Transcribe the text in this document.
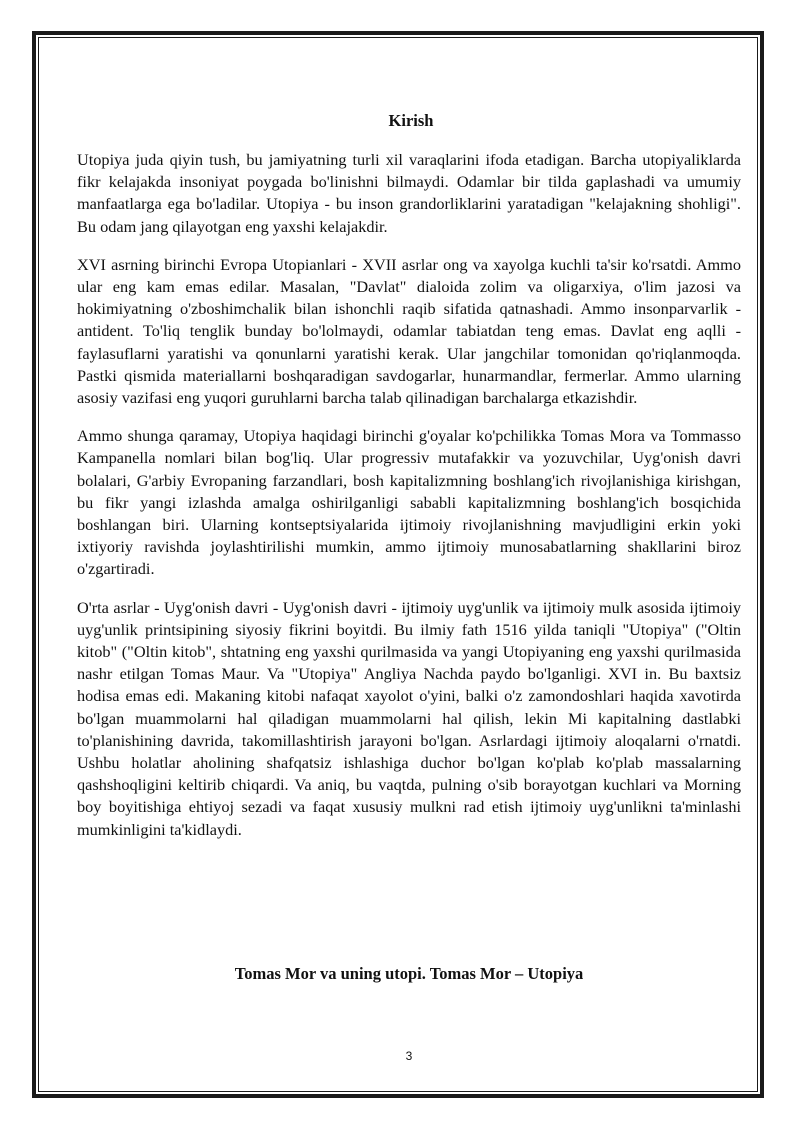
Kirish

Utopiya juda qiyin tush, bu jamiyatning turli xil varaqlarini ifoda etadigan. Barcha utopiyaliklarda fikr kelajakda insoniyat poygada bo'linishni bilmaydi. Odamlar bir tilda gaplashadi va umumiy manfaatlarga ega bo'ladilar. Utopiya - bu inson grandorliklarini yaratadigan "kelajakning shohligi". Bu odam jang qilayotgan eng yaxshi kelajakdir.

XVI asrning birinchi Evropa Utopianlari - XVII asrlar ong va xayolga kuchli ta'sir ko'rsatdi. Ammo ular eng kam emas edilar. Masalan, "Davlat" dialoida zolim va oligarxiya, o'lim jazosi va hokimiyatning o'zboshimchalik bilan ishonchli raqib sifatida qatnashadi. Ammo insonparvarlik - antident. To'liq tenglik bunday bo'lolmaydi, odamlar tabiatdan teng emas. Davlat eng aqlli - faylasuflarni yaratishi va qonunlarni yaratishi kerak. Ular jangchilar tomonidan qo'riqlanmoqda. Pastki qismida materiallarni boshqaradigan savdogarlar, hunarmandlar, fermerlar. Ammo ularning asosiy vazifasi eng yuqori guruhlarni barcha talab qilinadigan barchalarga etkazishdir.

Ammo shunga qaramay, Utopiya haqidagi birinchi g'oyalar ko'pchilikka Tomas Mora va Tommasso Kampanella nomlari bilan bog'liq. Ular progressiv mutafakkir va yozuvchilar, Uyg'onish davri bolalari, G'arbiy Evropaning farzandlari, bosh kapitalizmning boshlang'ich rivojlanishiga kirishgan, bu fikr yangi izlashda amalga oshirilganligi sababli kapitalizmning boshlang'ich bosqichida boshlangan biri. Ularning kontseptsiyalarida ijtimoiy rivojlanishning mavjudligini erkin yoki ixtiyoriy ravishda joylashtirilishi mumkin, ammo ijtimoiy munosabatlarning shakllarini biroz o'zgartiradi.

O'rta asrlar - Uyg'onish davri - Uyg'onish davri - ijtimoiy uyg'unlik va ijtimoiy mulk asosida ijtimoiy uyg'unlik printsipining siyosiy fikrini boyitdi. Bu ilmiy fath 1516 yilda taniqli "Utopiya" ("Oltin kitob" ("Oltin kitob", shtatning eng yaxshi qurilmasida va yangi Utopiyaning eng yaxshi qurilmasida nashr etilgan Tomas Maur. Va "Utopiya" Angliya Nachda paydo bo'lganligi. XVI in. Bu baxtsiz hodisa emas edi. Makaning kitobi nafaqat xayolot o'yini, balki o'z zamondoshlari haqida xavotirda bo'lgan muammolarni hal qiladigan muammolarni hal qilish, lekin Mi kapitalning dastlabki to'planishining davrida, takomillashtirish jarayoni bo'lgan. Asrlardagi ijtimoiy aloqalarni o'rnatdi. Ushbu holatlar aholining shafqatsiz ishlashiga duchor bo'lgan ko'plab ko'plab massalarning qashshoqligini keltirib chiqardi. Va aniq, bu vaqtda, pulning o'sib borayotgan kuchlari va Morning boy boyitishiga ehtiyoj sezadi va faqat xususiy mulkni rad etish ijtimoiy uyg'unlikni ta'minlashi mumkinligini ta'kidlaydi.

Tomas Mor va uning utopi. Tomas Mor – Utopiya
3
